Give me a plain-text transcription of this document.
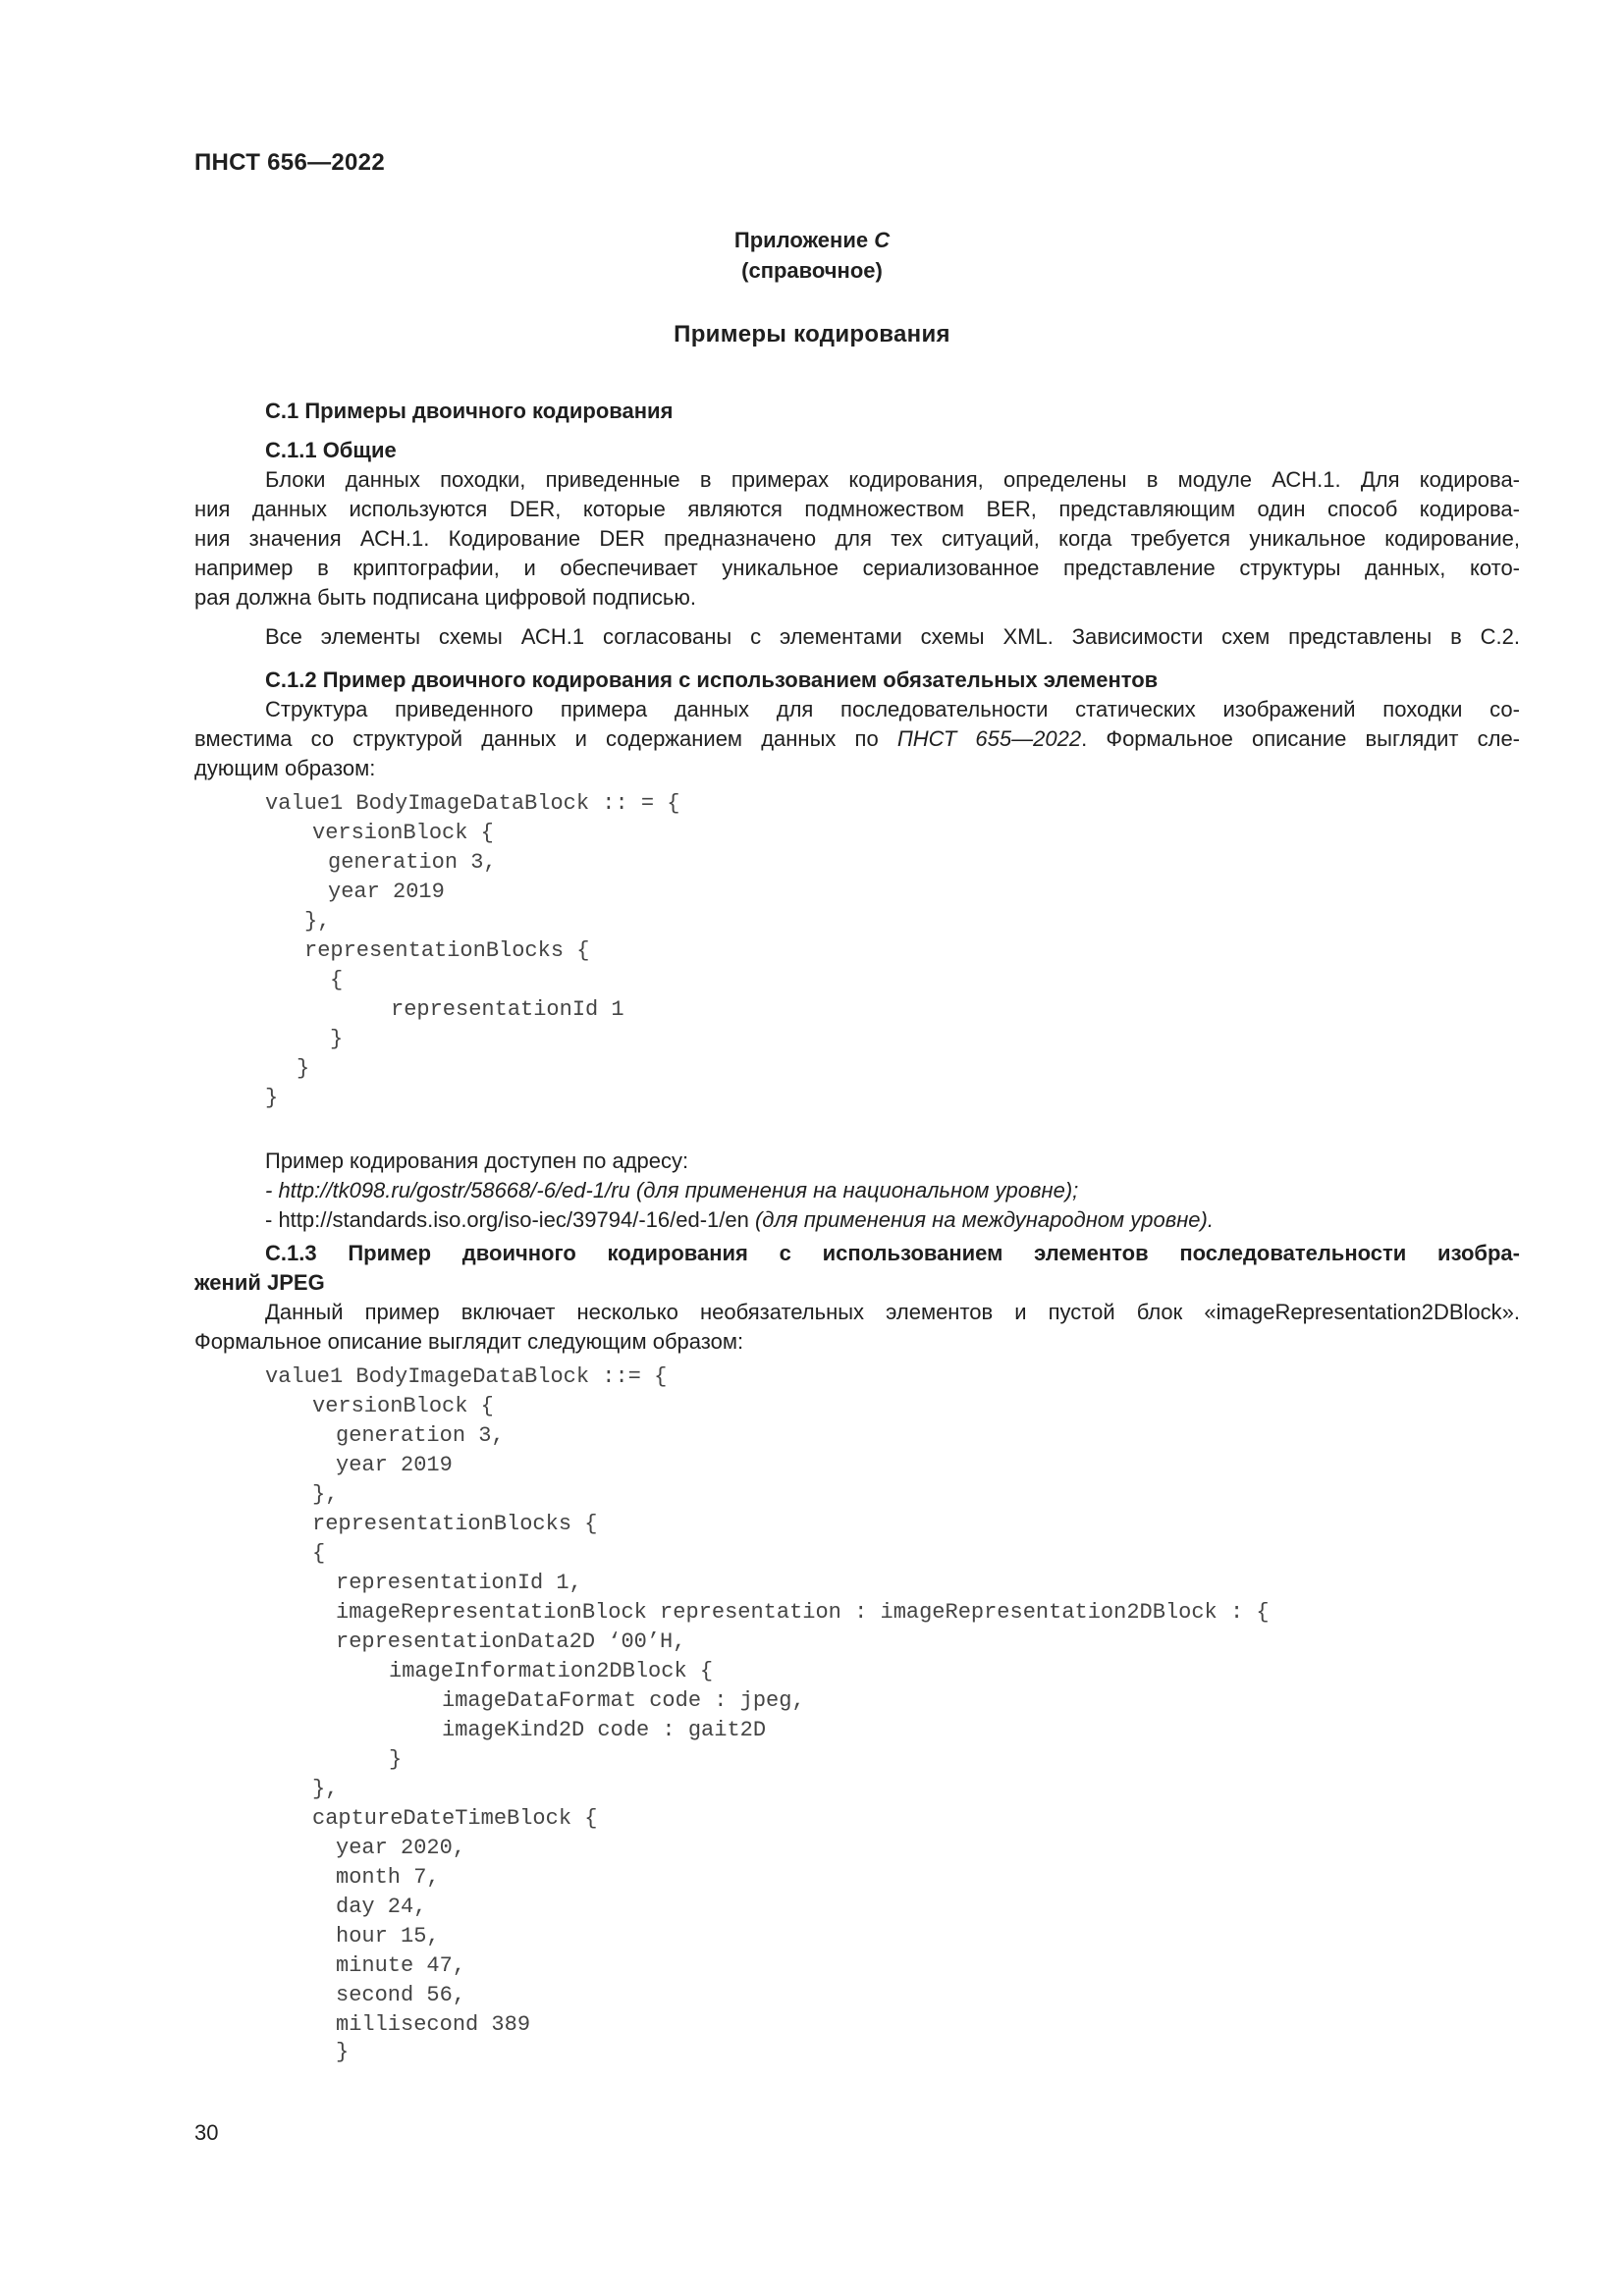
ПНСТ 656—2022
Приложение С
(справочное)
Примеры кодирования
С.1 Примеры двоичного кодирования
С.1.1 Общие
Блоки данных походки, приведенные в примерах кодирования, определены в модуле АСН.1. Для кодирова-
ния данных используются DER, которые являются подмножеством BER, представляющим один способ кодирова-
ния значения АСН.1. Кодирование DER предназначено для тех ситуаций, когда требуется уникальное кодирование,
например в криптографии, и обеспечивает уникальное сериализованное представление структуры данных, кото-
рая должна быть подписана цифровой подписью.
Все элементы схемы АСН.1 согласованы с элементами схемы XML. Зависимости схем представлены в С.2.
С.1.2 Пример двоичного кодирования с использованием обязательных элементов
Структура приведенного примера данных для последовательности статических изображений походки со-
вместима со структурой данных и содержанием данных по ПНСТ 655—2022. Формальное описание выглядит сле-
дующим образом:
value1 BodyImageDataBlock :: = {
versionBlock {
generation 3,
year 2019
},
representationBlocks {
{
representationId 1
}
}
}
Пример кодирования доступен по адресу:
- http://tk098.ru/gostr/58668/-6/ed-1/ru (для применения на национальном уровне);
- http://standards.iso.org/iso-iec/39794/-16/ed-1/en (для применения на международном уровне).
С.1.3 Пример двоичного кодирования с использованием элементов последовательности изобра-
жений JPEG
Данный пример включает несколько необязательных элементов и пустой блок «imageRepresentation2DBlock».
Формальное описание выглядит следующим образом:
value1 BodyImageDataBlock ::= {
versionBlock {
generation 3,
year 2019
},
representationBlocks {
{
representationId 1,
imageRepresentationBlock representation : imageRepresentation2DBlock : {
representationData2D ‘00’H,
imageInformation2DBlock {
imageDataFormat code : jpeg,
imageKind2D code : gait2D
}
},
captureDateTimeBlock {
year 2020,
month 7,
day 24,
hour 15,
minute 47,
second 56,
millisecond 389
}
30
